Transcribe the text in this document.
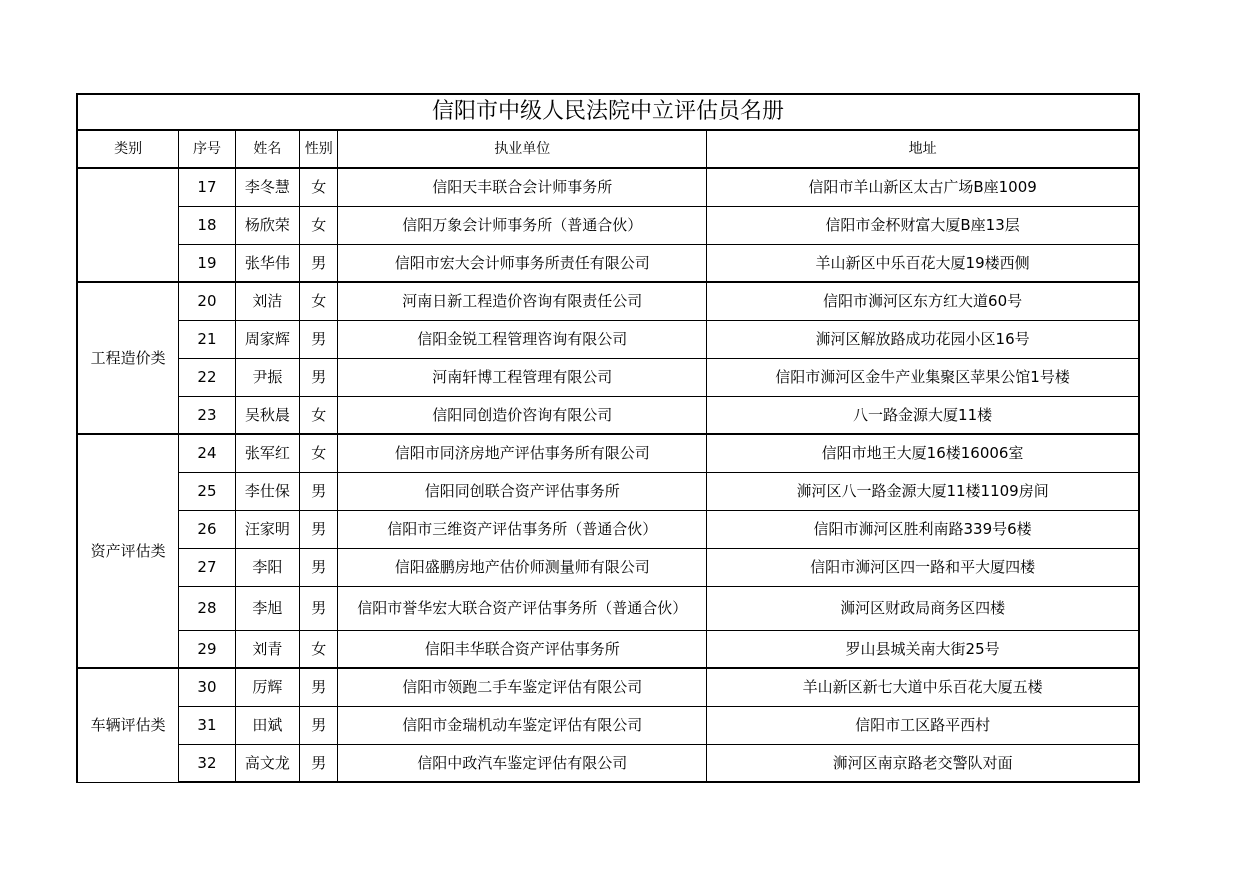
信阳市中级人民法院中立评估员名册					
类别	序号	姓名	性别	执业单位	地址
	17	李冬慧	女	信阳天丰联合会计师事务所	信阳市羊山新区太古广场B座1009
	18	杨欣荣	女	信阳万象会计师事务所（普通合伙）	信阳市金杯财富大厦B座13层
	19	张华伟	男	信阳市宏大会计师事务所责任有限公司	羊山新区中乐百花大厦19楼西侧
工程造价类	20	刘洁	女	河南日新工程造价咨询有限责任公司	信阳市浉河区东方红大道60号
	21	周家辉	男	信阳金锐工程管理咨询有限公司	浉河区解放路成功花园小区16号
	22	尹振	男	河南轩博工程管理有限公司	信阳市浉河区金牛产业集聚区苹果公馆1号楼
	23	吴秋晨	女	信阳同创造价咨询有限公司	八一路金源大厦11楼
资产评估类	24	张军红	女	信阳市同济房地产评估事务所有限公司	信阳市地王大厦16楼16006室
	25	李仕保	男	信阳同创联合资产评估事务所	浉河区八一路金源大厦11楼1109房间
	26	汪家明	男	信阳市三维资产评估事务所（普通合伙）	信阳市浉河区胜利南路339号6楼
	27	李阳	男	信阳盛鹏房地产估价师测量师有限公司	信阳市浉河区四一路和平大厦四楼
	28	李旭	男	信阳市誉华宏大联合资产评估事务所（普通合伙）	浉河区财政局商务区四楼
	29	刘青	女	信阳丰华联合资产评估事务所	罗山县城关南大街25号
车辆评估类	30	厉辉	男	信阳市领跑二手车鉴定评估有限公司	羊山新区新七大道中乐百花大厦五楼
	31	田斌	男	信阳市金瑞机动车鉴定评估有限公司	信阳市工区路平西村
	32	高文龙	男	信阳中政汽车鉴定评估有限公司	浉河区南京路老交警队对面
